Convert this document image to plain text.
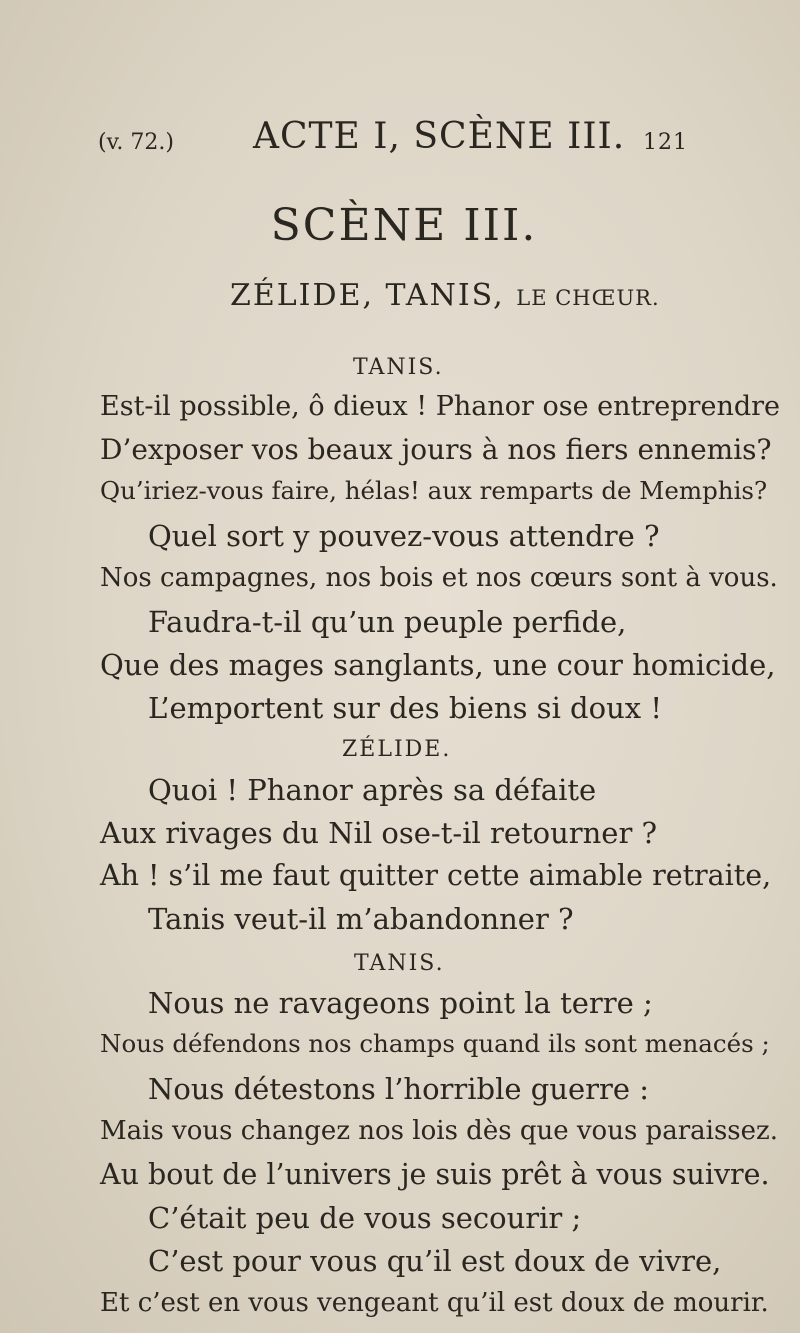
(v. 72.) ACTE I, SCÈNE III. 121
SCÈNE III.
ZÉLIDE, TANIS, LE CHŒUR.
TANIS.
Est-il possible, ô dieux ! Phanor ose entreprendre
D’exposer vos beaux jours à nos fiers ennemis?
Qu’iriez-vous faire, hélas! aux remparts de Memphis?
Quel sort y pouvez-vous attendre ?
Nos campagnes, nos bois et nos cœurs sont à vous.
Faudra-t-il qu’un peuple perfide,
Que des mages sanglants, une cour homicide,
L’emportent sur des biens si doux !
ZÉLIDE.
Quoi ! Phanor après sa défaite
Aux rivages du Nil ose-t-il retourner ?
Ah ! s’il me faut quitter cette aimable retraite,
Tanis veut-il m’abandonner ?
TANIS.
Nous ne ravageons point la terre ;
Nous défendons nos champs quand ils sont menacés ;
Nous détestons l’horrible guerre :
Mais vous changez nos lois dès que vous paraissez.
Au bout de l’univers je suis prêt à vous suivre.
C’était peu de vous secourir ;
C’est pour vous qu’il est doux de vivre,
Et c’est en vous vengeant qu’il est doux de mourir.
